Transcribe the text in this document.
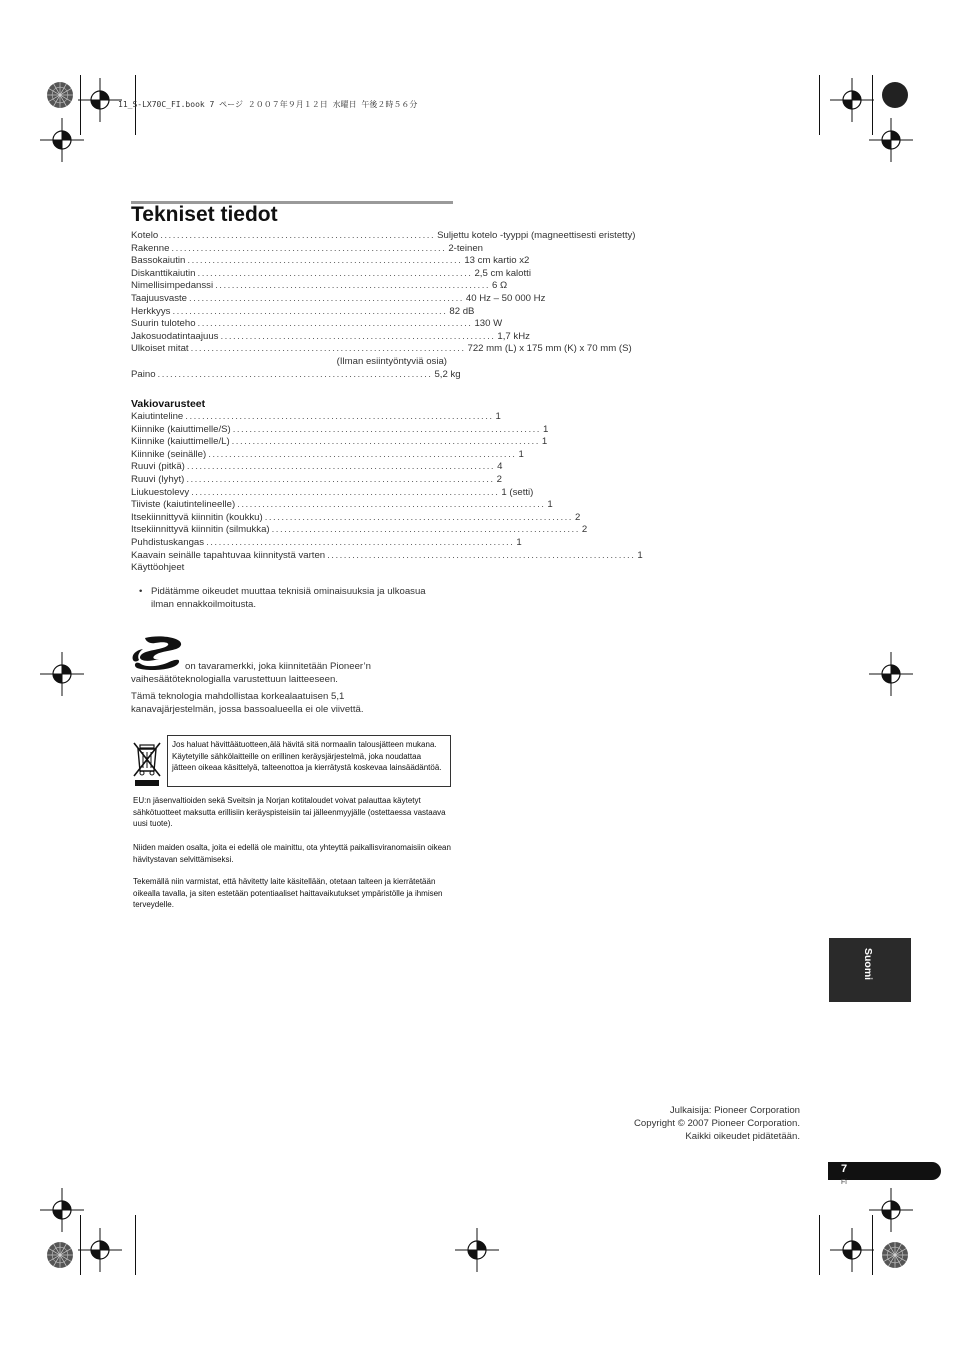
11_S-LX70C_FI.book 7 ページ ２００７年９月１２日 水曜日 午後２時５６分
Tekniset tiedot
Kotelo .................................................................. Suljettu kotelo -tyyppi (magneettisesti eristetty)
Rakenne .................................................................. 2-teinen
Bassokaiutin .................................................................. 13 cm kartio x2
Diskanttikaiutin .................................................................. 2,5 cm kalotti
Nimellisimpedanssi .................................................................. 6 Ω
Taajuusvaste .................................................................. 40 Hz – 50 000 Hz
Herkkyys .................................................................. 82 dB
Suurin tuloteho .................................................................. 130 W
Jakosuodatintaajuus .................................................................. 1,7 kHz
Ulkoiset mitat .................................................................. 722 mm (L) x 175 mm (K) x 70 mm (S)
(Ilman esiintyöntyviä osia)
Paino .................................................................. 5,2 kg
Vakiovarusteet
Kaiutinteline .......................................................................... 1
Kiinnike (kaiuttimelle/S) .......................................................................... 1
Kiinnike (kaiuttimelle/L) .......................................................................... 1
Kiinnike (seinälle) .......................................................................... 1
Ruuvi (pitkä) .......................................................................... 4
Ruuvi (lyhyt) .......................................................................... 2
Liukuestolevy .......................................................................... 1 (setti)
Tiiviste (kaiutintelineelle) .......................................................................... 1
Itsekiinnittyvä kiinnitin (koukku) .......................................................................... 2
Itsekiinnittyvä kiinnitin (silmukka) .......................................................................... 2
Puhdistuskangas .......................................................................... 1
Kaavain seinälle tapahtuvaa kiinnitystä varten .......................................................................... 1
Käyttöohjeet
• Pidätämme oikeudet muuttaa teknisiä ominaisuuksia ja ulkoasua ilman ennakkoilmoitusta.
on tavaramerkki, joka kiinnitetään Pioneer’n
vaihesäätöteknologialla varustettuun laitteeseen.
Tämä teknologia mahdollistaa korkealaatuisen 5,1 kanavajärjestelmän, jossa bassoalueella ei ole viivettä.
Jos haluat hävittäätuotteen,älä hävitä sitä normaalin talousjätteen mukana. Käytetyille sähkölaitteille on erillinen keräysjärjestelmä, joka noudattaa jätteen oikeaa käsittelyä, talteenottoa ja kierrätystä koskevaa lainsäädäntöä.
EU:n jäsenvaltioiden sekä Sveitsin ja Norjan kotitaloudet voivat palauttaa käytetyt sähkötuotteet maksutta erillisiin keräyspisteisiin tai jälleenmyyjälle (ostettaessa vastaava uusi tuote).
Niiden maiden osalta, joita ei edellä ole mainittu, ota yhteyttä paikallisviranomaisiin oikean hävitystavan selvittämiseksi.
Tekemällä niin varmistat, että hävitetty laite käsitellään, otetaan talteen ja kierrätetään oikealla tavalla, ja siten estetään potentiaaliset haittavaikutukset ympäristölle ja ihmisen terveydelle.
Suomi
Julkaisija: Pioneer Corporation
Copyright © 2007 Pioneer Corporation.
Kaikki oikeudet pidätetään.
7
Fi
